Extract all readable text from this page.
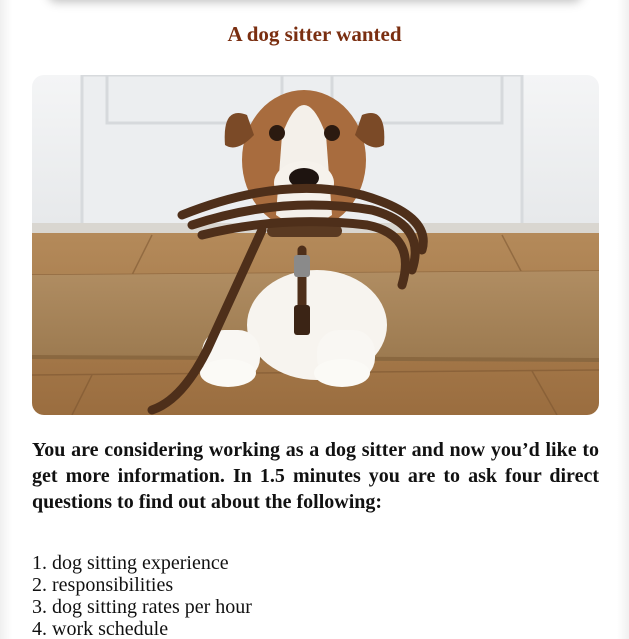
A dog sitter wanted

You are considering working as a dog sitter and now you’d like to get more information. In 1.5 minutes you are to ask four direct questions to find out about the following:

1. dog sitting experience
2. responsibilities
3. dog sitting rates per hour
4. work schedule
